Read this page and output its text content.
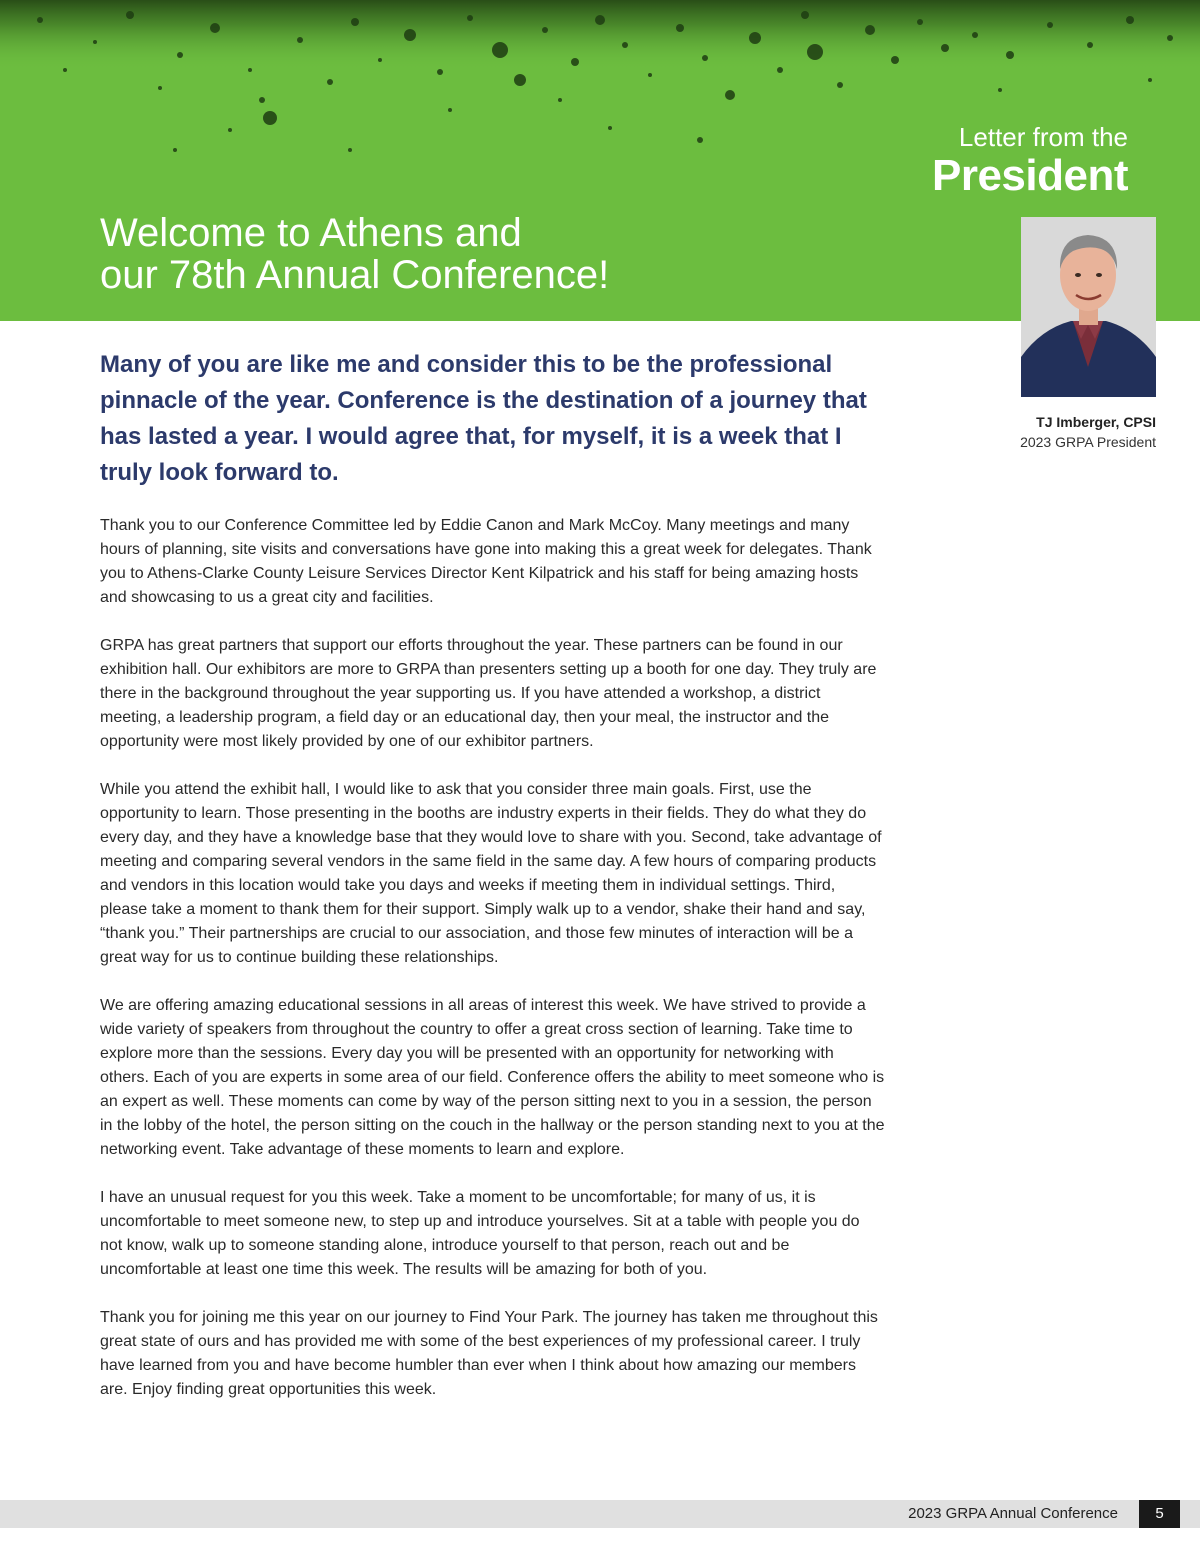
Letter from the
President
Welcome to Athens and
our 78th Annual Conference!
TJ Imberger, CPSI
2023 GRPA President

Many of you are like me and consider this to be the professional pinnacle of the year. Conference is the destination of a journey that has lasted a year. I would agree that, for myself, it is a week that I truly look forward to.

Thank you to our Conference Committee led by Eddie Canon and Mark McCoy. Many meetings and many hours of planning, site visits and conversations have gone into making this a great week for delegates. Thank you to Athens-Clarke County Leisure Services Director Kent Kilpatrick and his staff for being amazing hosts and showcasing to us a great city and facilities.

GRPA has great partners that support our efforts throughout the year. These partners can be found in our exhibition hall. Our exhibitors are more to GRPA than presenters setting up a booth for one day. They truly are there in the background throughout the year supporting us. If you have attended a workshop, a district meeting, a leadership program, a field day or an educational day, then your meal, the instructor and the opportunity were most likely provided by one of our exhibitor partners.

While you attend the exhibit hall, I would like to ask that you consider three main goals. First, use the opportunity to learn. Those presenting in the booths are industry experts in their fields. They do what they do every day, and they have a knowledge base that they would love to share with you. Second, take advantage of meeting and comparing several vendors in the same field in the same day. A few hours of comparing products and vendors in this location would take you days and weeks if meeting them in individual settings. Third, please take a moment to thank them for their support. Simply walk up to a vendor, shake their hand and say, “thank you.” Their partnerships are crucial to our association, and those few minutes of interaction will be a great way for us to continue building these relationships.

We are offering amazing educational sessions in all areas of interest this week. We have strived to provide a wide variety of speakers from throughout the country to offer a great cross section of learning. Take time to explore more than the sessions. Every day you will be presented with an opportunity for networking with others. Each of you are experts in some area of our field. Conference offers the ability to meet someone who is an expert as well. These moments can come by way of the person sitting next to you in a session, the person in the lobby of the hotel, the person sitting on the couch in the hallway or the person standing next to you at the networking event. Take advantage of these moments to learn and explore.

I have an unusual request for you this week. Take a moment to be uncomfortable; for many of us, it is uncomfortable to meet someone new, to step up and introduce yourselves. Sit at a table with people you do not know, walk up to someone standing alone, introduce yourself to that person, reach out and be uncomfortable at least one time this week. The results will be amazing for both of you.

Thank you for joining me this year on our journey to Find Your Park. The journey has taken me throughout this great state of ours and has provided me with some of the best experiences of my professional career. I truly have learned from you and have become humbler than ever when I think about how amazing our members are. Enjoy finding great opportunities this week.

2023 GRPA Annual Conference	5
